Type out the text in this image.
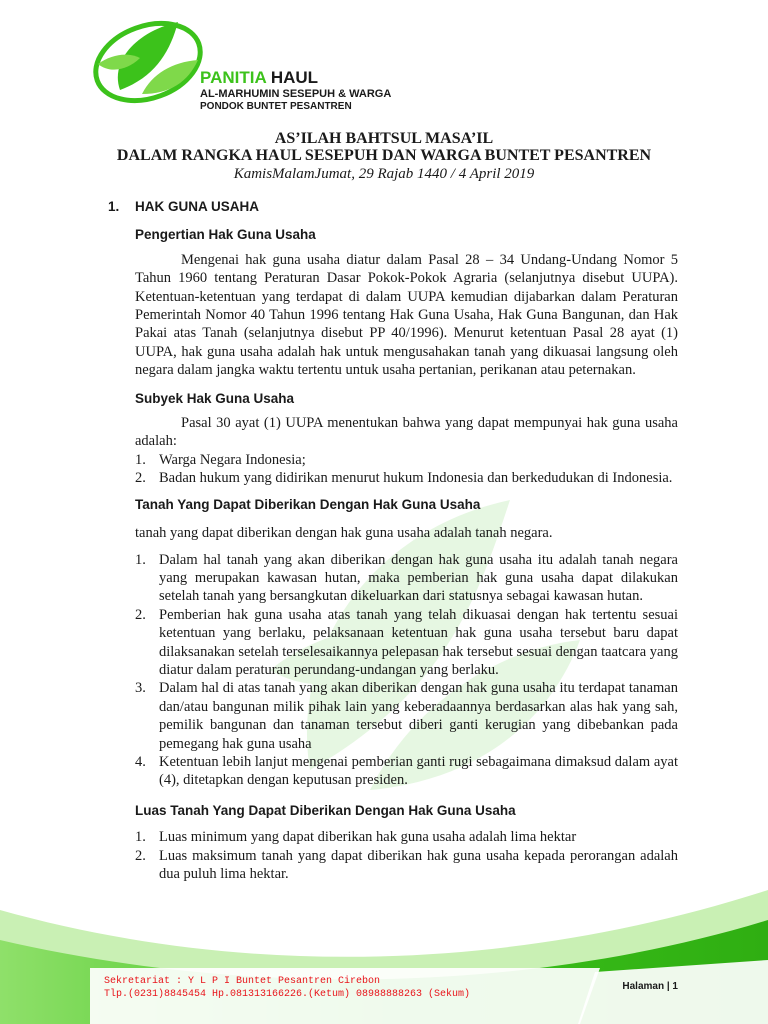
PANITIA HAUL
AL-MARHUMIN SESEPUH & WARGA
PONDOK BUNTET PESANTREN
AS’ILAH BAHTSUL MASA’IL
DALAM RANGKA HAUL SESEPUH DAN WARGA BUNTET PESANTREN
KamisMalamJumat, 29 Rajab 1440 / 4 April 2019
1. HAK GUNA USAHA
Pengertian Hak Guna Usaha

Mengenai hak guna usaha diatur dalam Pasal 28 – 34 Undang-Undang Nomor 5 Tahun 1960 tentang Peraturan Dasar Pokok-Pokok Agraria (selanjutnya disebut UUPA). Ketentuan-ketentuan yang terdapat di dalam UUPA kemudian dijabarkan dalam Peraturan Pemerintah Nomor 40 Tahun 1996 tentang Hak Guna Usaha, Hak Guna Bangunan, dan Hak Pakai atas Tanah (selanjutnya disebut PP 40/1996). Menurut ketentuan Pasal 28 ayat (1) UUPA, hak guna usaha adalah hak untuk mengusahakan tanah yang dikuasai langsung oleh negara dalam jangka waktu tertentu untuk usaha pertanian, perikanan atau peternakan.

Subyek Hak Guna Usaha

Pasal 30 ayat (1) UUPA menentukan bahwa yang dapat mempunyai hak guna usaha adalah:

1. Warga Negara Indonesia;
2. Badan hukum yang didirikan menurut hukum Indonesia dan berkedudukan di Indonesia.
Tanah Yang Dapat Diberikan Dengan Hak Guna Usaha

tanah yang dapat diberikan dengan hak guna usaha adalah tanah negara.

1. Dalam hal tanah yang akan diberikan dengan hak guna usaha itu adalah tanah negara yang merupakan kawasan hutan, maka pemberian hak guna usaha dapat dilakukan setelah tanah yang bersangkutan dikeluarkan dari statusnya sebagai kawasan hutan.
2. Pemberian hak guna usaha atas tanah yang telah dikuasai dengan hak tertentu sesuai ketentuan yang berlaku, pelaksanaan ketentuan hak guna usaha tersebut baru dapat dilaksanakan setelah terselesaikannya pelepasan hak tersebut sesuai dengan taatcara yang diatur dalam peraturan perundang-undangan yang berlaku.
3. Dalam hal di atas tanah yang akan diberikan dengan hak guna usaha itu terdapat tanaman dan/atau bangunan milik pihak lain yang keberadaannya berdasarkan alas hak yang sah, pemilik bangunan dan tanaman tersebut diberi ganti kerugian yang dibebankan pada pemegang hak guna usaha
4. Ketentuan lebih lanjut mengenai pemberian ganti rugi sebagaimana dimaksud dalam ayat (4), ditetapkan dengan keputusan presiden.
Luas Tanah Yang Dapat Diberikan Dengan Hak Guna Usaha
1. Luas minimum yang dapat diberikan hak guna usaha adalah lima hektar
2. Luas maksimum tanah yang dapat diberikan hak guna usaha kepada perorangan adalah dua puluh lima hektar.
Sekretariat : Y L P I Buntet Pesantren Cirebon
Tlp.(0231)8845454 Hp.081313166226.(Ketum) 08988888263 (Sekum)
Halaman | 1
